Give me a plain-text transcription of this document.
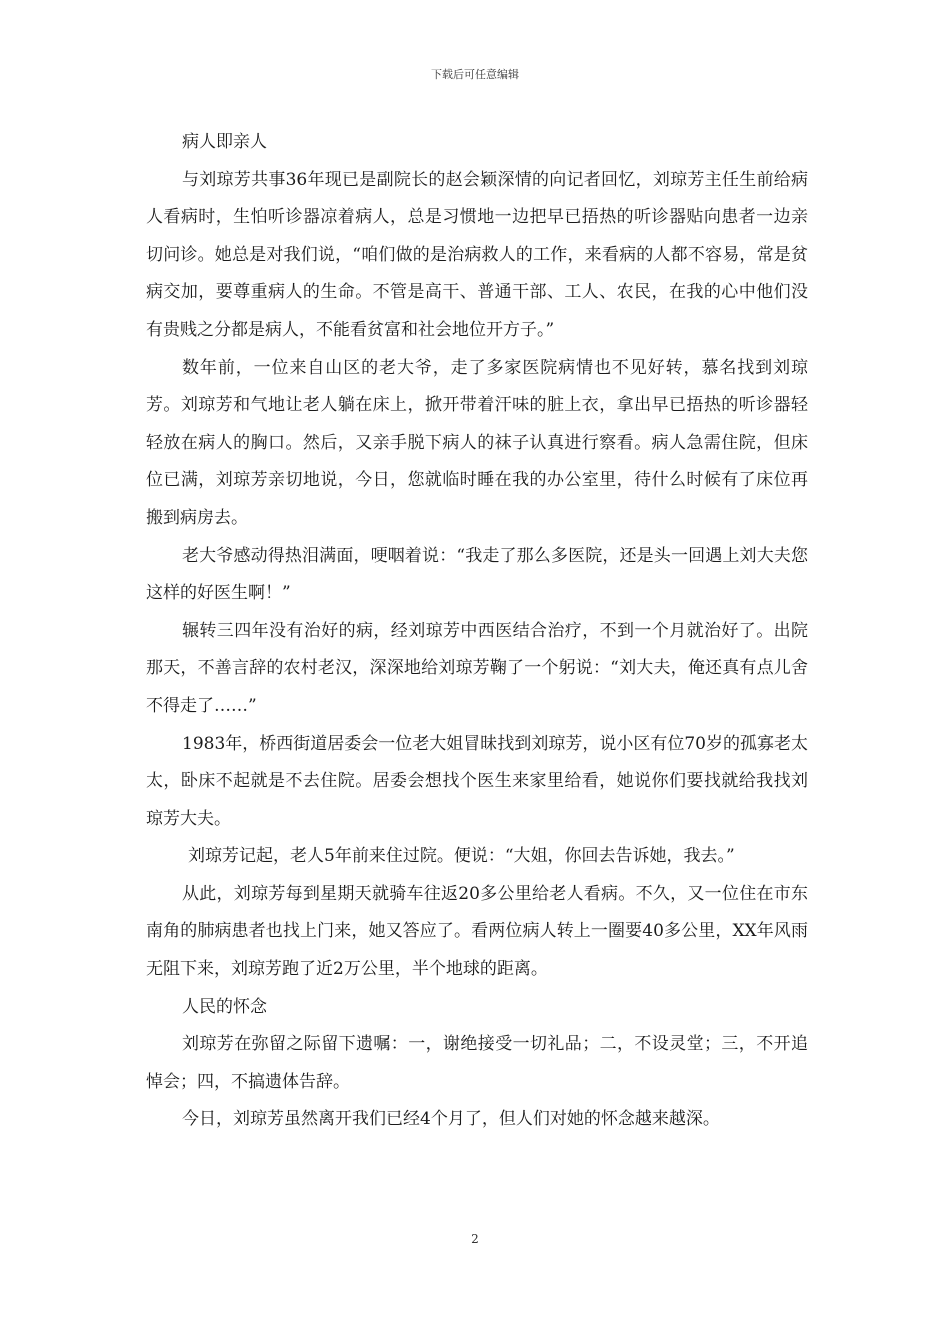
下载后可任意编辑

病人即亲人

与刘琼芳共事36年现已是副院长的赵会颖深情的向记者回忆，刘琼芳主任生前给病人看病时，生怕听诊器凉着病人，总是习惯地一边把早已捂热的听诊器贴向患者一边亲切问诊。她总是对我们说，“咱们做的是治病救人的工作，来看病的人都不容易，常是贫病交加，要尊重病人的生命。不管是高干、普通干部、工人、农民，在我的心中他们没有贵贱之分都是病人，不能看贫富和社会地位开方子。”

数年前，一位来自山区的老大爷，走了多家医院病情也不见好转，慕名找到刘琼芳。刘琼芳和气地让老人躺在床上，掀开带着汗味的脏上衣，拿出早已捂热的听诊器轻轻放在病人的胸口。然后，又亲手脱下病人的袜子认真进行察看。病人急需住院，但床位已满，刘琼芳亲切地说，今日，您就临时睡在我的办公室里，待什么时候有了床位再搬到病房去。

老大爷感动得热泪满面，哽咽着说：“我走了那么多医院，还是头一回遇上刘大夫您这样的好医生啊！”

辗转三四年没有治好的病，经刘琼芳中西医结合治疗，不到一个月就治好了。出院那天，不善言辞的农村老汉，深深地给刘琼芳鞠了一个躬说：“刘大夫，俺还真有点儿舍不得走了……”

1983年，桥西街道居委会一位老大姐冒昧找到刘琼芳，说小区有位70岁的孤寡老太太，卧床不起就是不去住院。居委会想找个医生来家里给看，她说你们要找就给我找刘琼芳大夫。

刘琼芳记起，老人5年前来住过院。便说：“大姐，你回去告诉她，我去。”

从此，刘琼芳每到星期天就骑车往返20多公里给老人看病。不久，又一位住在市东南角的肺病患者也找上门来，她又答应了。看两位病人转上一圈要40多公里，XX年风雨无阻下来，刘琼芳跑了近2万公里，半个地球的距离。

人民的怀念

刘琼芳在弥留之际留下遗嘱：一，谢绝接受一切礼品；二，不设灵堂；三，不开追悼会；四，不搞遗体告辞。

今日，刘琼芳虽然离开我们已经4个月了，但人们对她的怀念越来越深。

2
